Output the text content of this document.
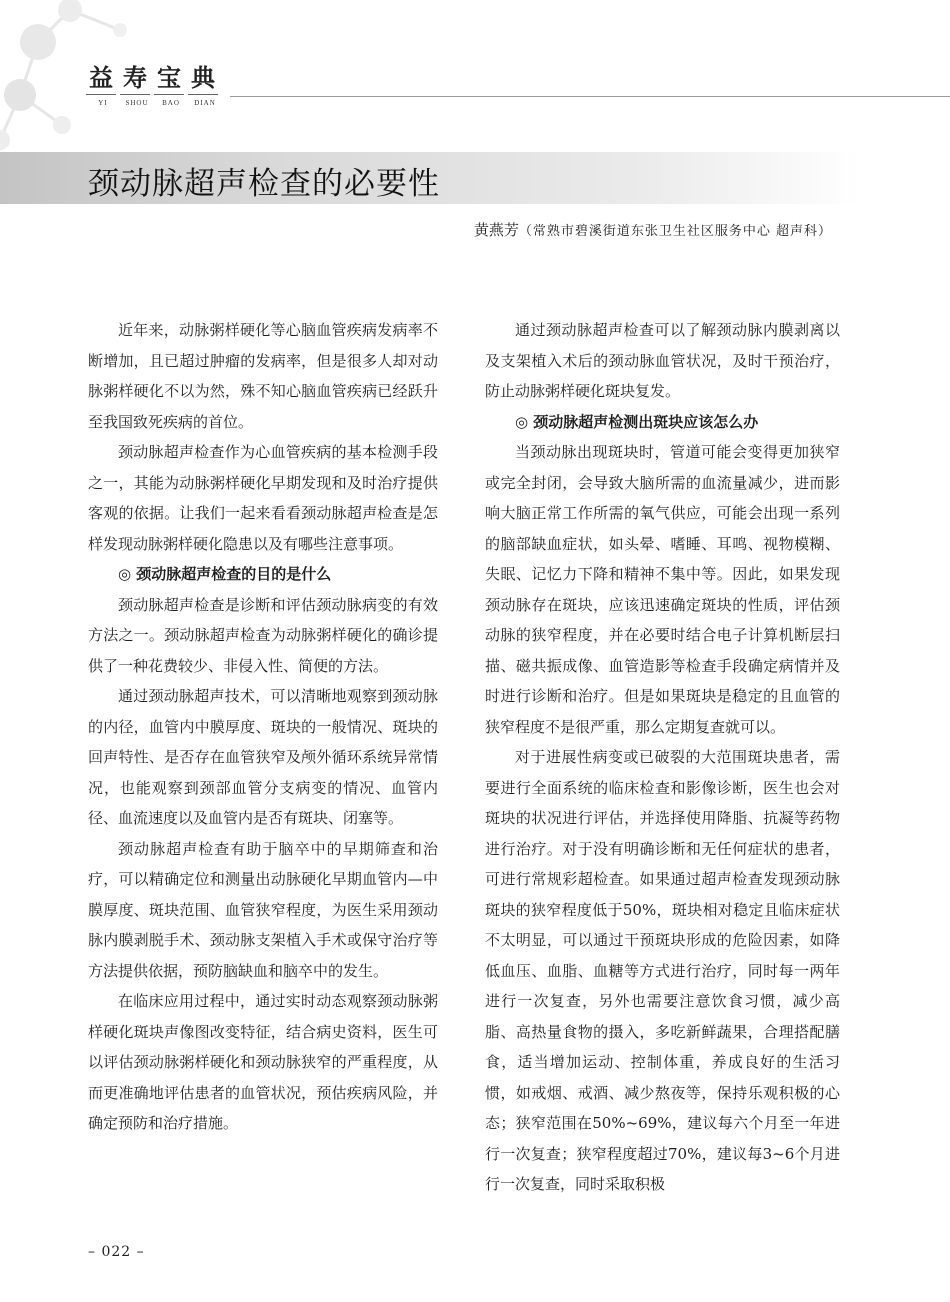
益 寿 宝 典
YI	SHOU	BAO	DIAN
颈动脉超声检查的必要性
黄燕芳（常熟市碧溪街道东张卫生社区服务中心 超声科）

近年来，动脉粥样硬化等心脑血管疾病发病率不断增加，且已超过肿瘤的发病率，但是很多人却对动脉粥样硬化不以为然，殊不知心脑血管疾病已经跃升至我国致死疾病的首位。

颈动脉超声检查作为心血管疾病的基本检测手段之一，其能为动脉粥样硬化早期发现和及时治疗提供客观的依据。让我们一起来看看颈动脉超声检查是怎样发现动脉粥样硬化隐患以及有哪些注意事项。

◎ 颈动脉超声检查的目的是什么

颈动脉超声检查是诊断和评估颈动脉病变的有效方法之一。颈动脉超声检查为动脉粥样硬化的确诊提供了一种花费较少、非侵入性、简便的方法。

通过颈动脉超声技术，可以清晰地观察到颈动脉的内径，血管内中膜厚度、斑块的一般情况、斑块的回声特性、是否存在血管狭窄及颅外循环系统异常情况，也能观察到颈部血管分支病变的情况、血管内径、血流速度以及血管内是否有斑块、闭塞等。

颈动脉超声检查有助于脑卒中的早期筛查和治疗，可以精确定位和测量出动脉硬化早期血管内—中膜厚度、斑块范围、血管狭窄程度，为医生采用颈动脉内膜剥脱手术、颈动脉支架植入手术或保守治疗等方法提供依据，预防脑缺血和脑卒中的发生。

在临床应用过程中，通过实时动态观察颈动脉粥样硬化斑块声像图改变特征，结合病史资料，医生可以评估颈动脉粥样硬化和颈动脉狭窄的严重程度，从而更准确地评估患者的血管状况，预估疾病风险，并确定预防和治疗措施。

通过颈动脉超声检查可以了解颈动脉内膜剥离以及支架植入术后的颈动脉血管状况，及时干预治疗，防止动脉粥样硬化斑块复发。

◎ 颈动脉超声检测出斑块应该怎么办

当颈动脉出现斑块时，管道可能会变得更加狭窄或完全封闭，会导致大脑所需的血流量减少，进而影响大脑正常工作所需的氧气供应，可能会出现一系列的脑部缺血症状，如头晕、嗜睡、耳鸣、视物模糊、失眠、记忆力下降和精神不集中等。因此，如果发现颈动脉存在斑块，应该迅速确定斑块的性质，评估颈动脉的狭窄程度，并在必要时结合电子计算机断层扫描、磁共振成像、血管造影等检查手段确定病情并及时进行诊断和治疗。但是如果斑块是稳定的且血管的狭窄程度不是很严重，那么定期复查就可以。

对于进展性病变或已破裂的大范围斑块患者，需要进行全面系统的临床检查和影像诊断，医生也会对斑块的状况进行评估，并选择使用降脂、抗凝等药物进行治疗。对于没有明确诊断和无任何症状的患者，可进行常规彩超检查。如果通过超声检查发现颈动脉斑块的狭窄程度低于50%，斑块相对稳定且临床症状不太明显，可以通过干预斑块形成的危险因素，如降低血压、血脂、血糖等方式进行治疗，同时每一两年进行一次复查，另外也需要注意饮食习惯，减少高脂、高热量食物的摄入，多吃新鲜蔬果，合理搭配膳食，适当增加运动、控制体重，养成良好的生活习惯，如戒烟、戒酒、减少熬夜等，保持乐观积极的心态；狭窄范围在50%~69%，建议每六个月至一年进行一次复查；狭窄程度超过70%，建议每3~6个月进行一次复查，同时采取积极

– 022 –
